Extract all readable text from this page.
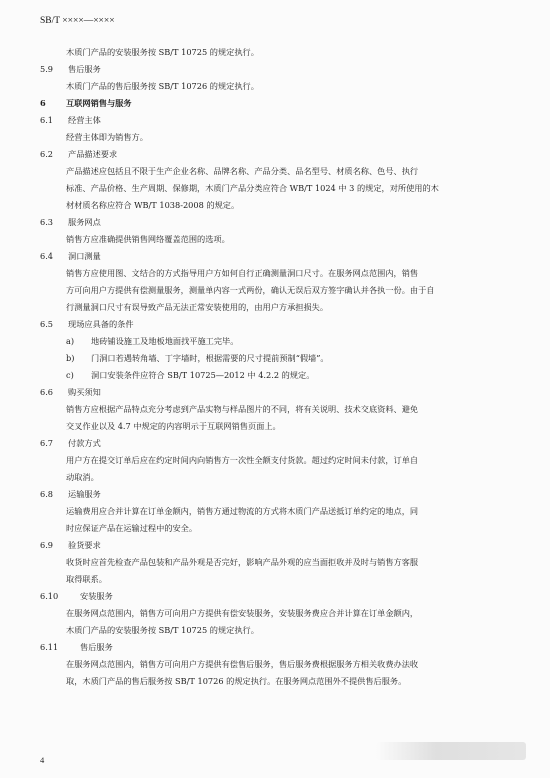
SB/T ××××—××××
木质门产品的安装服务按 SB/T 10725 的规定执行。
5.9 售后服务
木质门产品的售后服务按 SB/T 10726 的规定执行。
6 互联网销售与服务
6.1 经营主体
经营主体即为销售方。
6.2 产品描述要求
产品描述应包括且不限于生产企业名称、品牌名称、产品分类、品名型号、材质名称、色号、执行
标准、产品价格、生产周期、保修期，木质门产品分类应符合 WB/T 1024 中 3 的规定，对所使用的木
材材质名称应符合 WB/T 1038-2008 的规定。
6.3 服务网点
销售方应准确提供销售网络覆盖范围的选项。
6.4 洞口测量
销售方应使用图、文结合的方式指导用户方如何自行正确测量洞口尺寸。在服务网点范围内，销售
方可向用户方提供有偿测量服务，测量单内容一式两份，确认无误后双方签字确认并各执一份。由于自
行测量洞口尺寸有误导致产品无法正常安装使用的，由用户方承担损失。
6.5 现场应具备的条件
a) 地砖铺设施工及地板地面找平施工完毕。
b) 门洞口若遇转角墙、丁字墙时，根据需要的尺寸提前预制“假墙”。
c) 洞口安装条件应符合 SB/T 10725—2012 中 4.2.2 的规定。
6.6 购买须知
销售方应根据产品特点充分考虑到产品实物与样品图片的不同，将有关说明、技术交底资料、避免
交叉作业以及 4.7 中规定的内容明示于互联网销售页面上。
6.7 付款方式
用户方在提交订单后应在约定时间内向销售方一次性全额支付货款。超过约定时间未付款，订单自
动取消。
6.8 运输服务
运输费用应合并计算在订单金额内，销售方通过物流的方式将木质门产品送抵订单约定的地点，同
时应保证产品在运输过程中的安全。
6.9 验货要求
收货时应首先检查产品包装和产品外观是否完好，影响产品外观的应当面拒收并及时与销售方客服
取得联系。
6.10	安装服务
在服务网点范围内，销售方可向用户方提供有偿安装服务，安装服务费应合并计算在订单金额内，
木质门产品的安装服务按 SB/T 10725 的规定执行。
6.11	售后服务
在服务网点范围内，销售方可向用户方提供有偿售后服务，售后服务费根据服务方相关收费办法收
取，木质门产品的售后服务按 SB/T 10726 的规定执行。在服务网点范围外不提供售后服务。
4
